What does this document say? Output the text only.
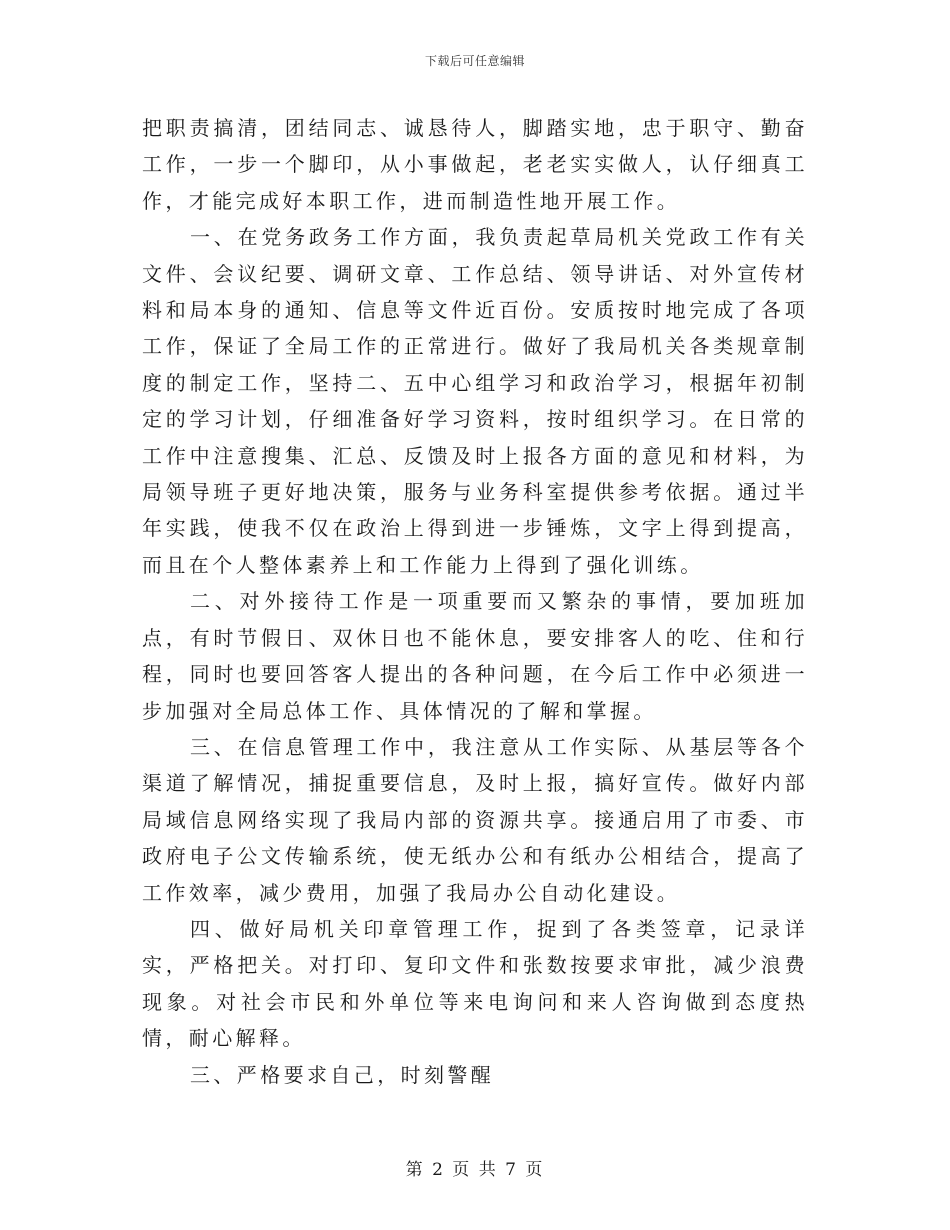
下载后可任意编辑

把职责搞清，团结同志、诚恳待人，脚踏实地，忠于职守、勤奋工作，一步一个脚印，从小事做起，老老实实做人，认仔细真工作，才能完成好本职工作，进而制造性地开展工作。

一、在党务政务工作方面，我负责起草局机关党政工作有关文件、会议纪要、调研文章、工作总结、领导讲话、对外宣传材料和局本身的通知、信息等文件近百份。安质按时地完成了各项工作，保证了全局工作的正常进行。做好了我局机关各类规章制度的制定工作，坚持二、五中心组学习和政治学习，根据年初制定的学习计划，仔细准备好学习资料，按时组织学习。在日常的工作中注意搜集、汇总、反馈及时上报各方面的意见和材料，为局领导班子更好地决策，服务与业务科室提供参考依据。通过半年实践，使我不仅在政治上得到进一步锤炼，文字上得到提高，而且在个人整体素养上和工作能力上得到了强化训练。

二、对外接待工作是一项重要而又繁杂的事情，要加班加点，有时节假日、双休日也不能休息，要安排客人的吃、住和行程，同时也要回答客人提出的各种问题，在今后工作中必须进一步加强对全局总体工作、具体情况的了解和掌握。

三、在信息管理工作中，我注意从工作实际、从基层等各个渠道了解情况，捕捉重要信息，及时上报，搞好宣传。做好内部局域信息网络实现了我局内部的资源共享。接通启用了市委、市政府电子公文传输系统，使无纸办公和有纸办公相结合，提高了工作效率，减少费用，加强了我局办公自动化建设。

四、做好局机关印章管理工作，捉到了各类签章，记录详实，严格把关。对打印、复印文件和张数按要求审批，减少浪费现象。对社会市民和外单位等来电询问和来人咨询做到态度热情，耐心解释。

三、严格要求自己，时刻警醒

第 2 页 共 7 页
